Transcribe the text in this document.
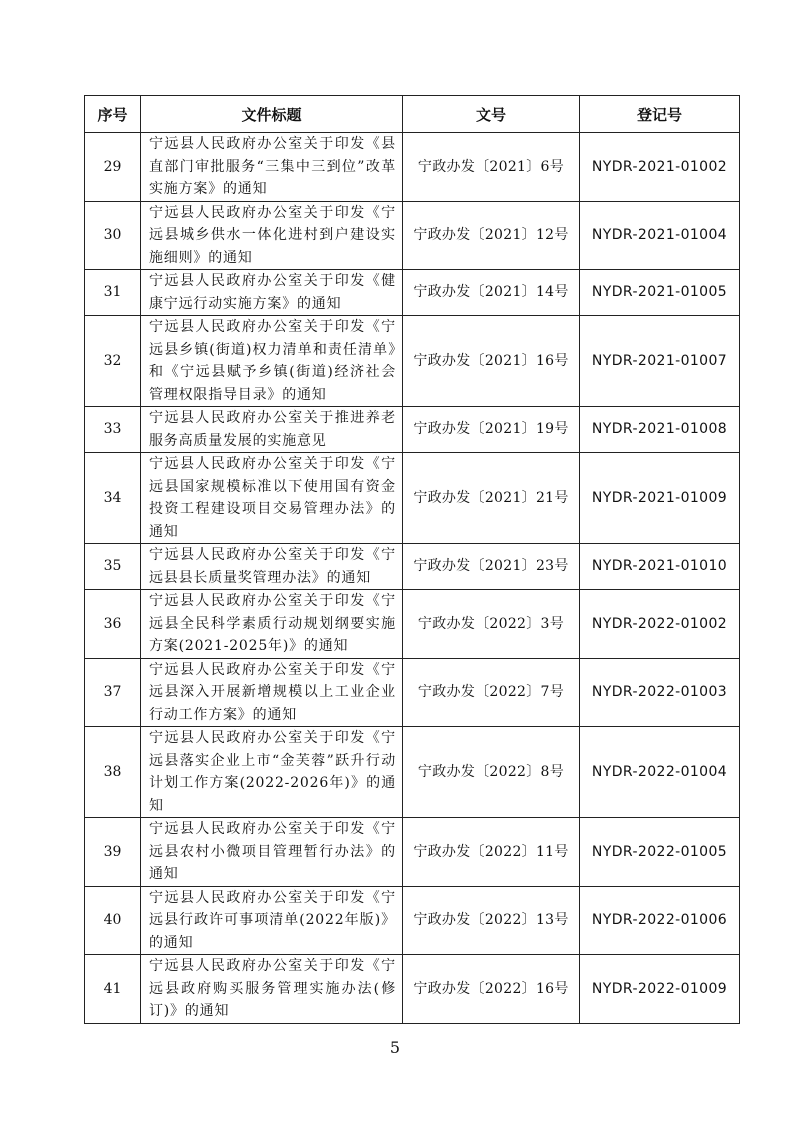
序号	文件标题	文号	登记号
29	宁远县人民政府办公室关于印发《县直部门审批服务“三集中三到位”改革实施方案》的通知	宁政办发〔2021〕6号	NYDR-2021-01002
30	宁远县人民政府办公室关于印发《宁远县城乡供水一体化进村到户建设实施细则》的通知	宁政办发〔2021〕12号	NYDR-2021-01004
31	宁远县人民政府办公室关于印发《健康宁远行动实施方案》的通知	宁政办发〔2021〕14号	NYDR-2021-01005
32	宁远县人民政府办公室关于印发《宁远县乡镇(街道)权力清单和责任清单》和《宁远县赋予乡镇(街道)经济社会管理权限指导目录》的通知	宁政办发〔2021〕16号	NYDR-2021-01007
33	宁远县人民政府办公室关于推进养老服务高质量发展的实施意见	宁政办发〔2021〕19号	NYDR-2021-01008
34	宁远县人民政府办公室关于印发《宁远县国家规模标准以下使用国有资金投资工程建设项目交易管理办法》的通知	宁政办发〔2021〕21号	NYDR-2021-01009
35	宁远县人民政府办公室关于印发《宁远县县长质量奖管理办法》的通知	宁政办发〔2021〕23号	NYDR-2021-01010
36	宁远县人民政府办公室关于印发《宁远县全民科学素质行动规划纲要实施方案(2021-2025年)》的通知	宁政办发〔2022〕3号	NYDR-2022-01002
37	宁远县人民政府办公室关于印发《宁远县深入开展新增规模以上工业企业行动工作方案》的通知	宁政办发〔2022〕7号	NYDR-2022-01003
38	宁远县人民政府办公室关于印发《宁远县落实企业上市“金芙蓉”跃升行动计划工作方案(2022-2026年)》的通知	宁政办发〔2022〕8号	NYDR-2022-01004
39	宁远县人民政府办公室关于印发《宁远县农村小微项目管理暂行办法》的通知	宁政办发〔2022〕11号	NYDR-2022-01005
40	宁远县人民政府办公室关于印发《宁远县行政许可事项清单(2022年版)》的通知	宁政办发〔2022〕13号	NYDR-2022-01006
41	宁远县人民政府办公室关于印发《宁远县政府购买服务管理实施办法(修订)》的通知	宁政办发〔2022〕16号	NYDR-2022-01009
5
